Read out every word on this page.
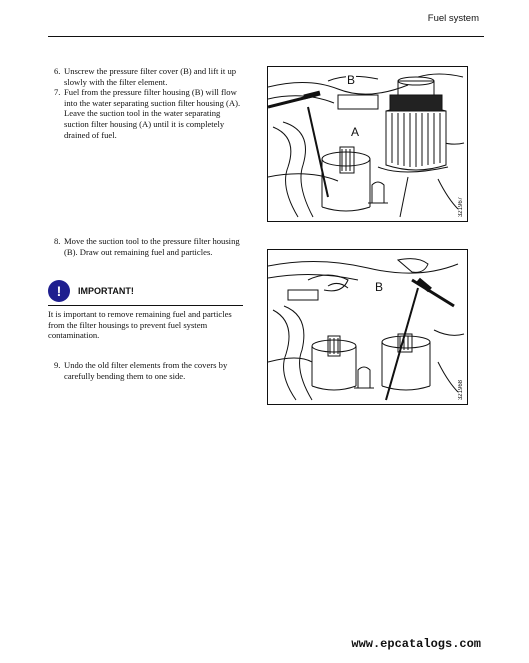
Fuel system
6. Unscrew the pressure filter cover (B) and lift it up slowly with the filter element.
7. Fuel from the pressure filter housing (B) will flow into the water separating suction filter housing (A). Leave the suction tool in the water separating suction filter housing (A) until it is completely drained of fuel.
8. Move the suction tool to the pressure filter housing (B). Draw out remaining fuel and particles.
!	IMPORTANT!
It is important to remove remaining fuel and particles from the filter housings to prevent fuel system contamination.
9. Undo the old filter elements from the covers by carefully bending them to one side.
B
A
321967
B
321968
www.epcatalogs.com
